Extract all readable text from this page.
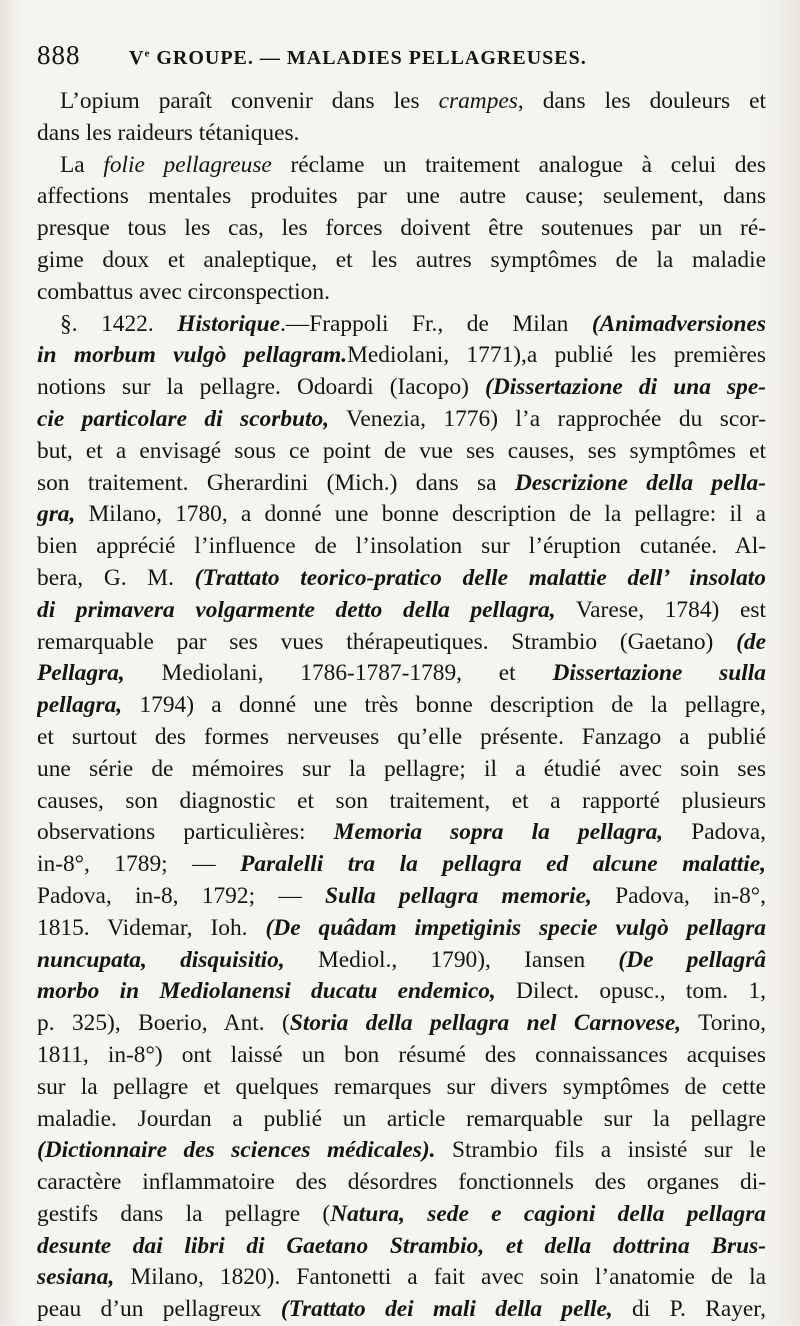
888	Ve GROUPE. — MALADIES PELLAGREUSES.
L’opium paraît convenir dans les crampes, dans les douleurs et
dans les raideurs tétaniques.
La folie pellagreuse réclame un traitement analogue à celui des
affections mentales produites par une autre cause; seulement, dans
presque tous les cas, les forces doivent être soutenues par un ré-
gime doux et analeptique, et les autres symptômes de la maladie
combattus avec circonspection.
§. 1422. Historique.—Frappoli Fr., de Milan (Animadversiones
in morbum vulgò pellagram.Mediolani, 1771),a publié les premières
notions sur la pellagre. Odoardi (Iacopo) (Dissertazione di una spe-
cie particolare di scorbuto, Venezia, 1776) l’a rapprochée du scor-
but, et a envisagé sous ce point de vue ses causes, ses symptômes et
son traitement. Gherardini (Mich.) dans sa Descrizione della pella-
gra, Milano, 1780, a donné une bonne description de la pellagre: il a
bien apprécié l’influence de l’insolation sur l’éruption cutanée. Al-
bera, G. M. (Trattato teorico-pratico delle malattie dell’ insolato
di primavera volgarmente detto della pellagra, Varese, 1784) est
remarquable par ses vues thérapeutiques. Strambio (Gaetano) (de
Pellagra, Mediolani, 1786-1787-1789, et Dissertazione sulla
pellagra, 1794) a donné une très bonne description de la pellagre,
et surtout des formes nerveuses qu’elle présente. Fanzago a publié
une série de mémoires sur la pellagre; il a étudié avec soin ses
causes, son diagnostic et son traitement, et a rapporté plusieurs
observations particulières: Memoria sopra la pellagra, Padova,
in-8°, 1789; — Paralelli tra la pellagra ed alcune malattie,
Padova, in-8, 1792; — Sulla pellagra memorie, Padova, in-8°,
1815. Videmar, Ioh. (De quâdam impetiginis specie vulgò pellagra
nuncupata, disquisitio, Mediol., 1790), Iansen (De pellagrâ
morbo in Mediolanensi ducatu endemico, Dilect. opusc., tom. 1,
p. 325), Boerio, Ant. (Storia della pellagra nel Carnovese, Torino,
1811, in-8°) ont laissé un bon résumé des connaissances acquises
sur la pellagre et quelques remarques sur divers symptômes de cette
maladie. Jourdan a publié un article remarquable sur la pellagre
(Dictionnaire des sciences médicales). Strambio fils a insisté sur le
caractère inflammatoire des désordres fonctionnels des organes di-
gestifs dans la pellagre (Natura, sede e cagioni della pellagra
desunte dai libri di Gaetano Strambio, et della dottrina Brus-
sesiana, Milano, 1820). Fantonetti a fait avec soin l’anatomie de la
peau d’un pellagreux (Trattato dei mali della pelle, di P. Rayer,
